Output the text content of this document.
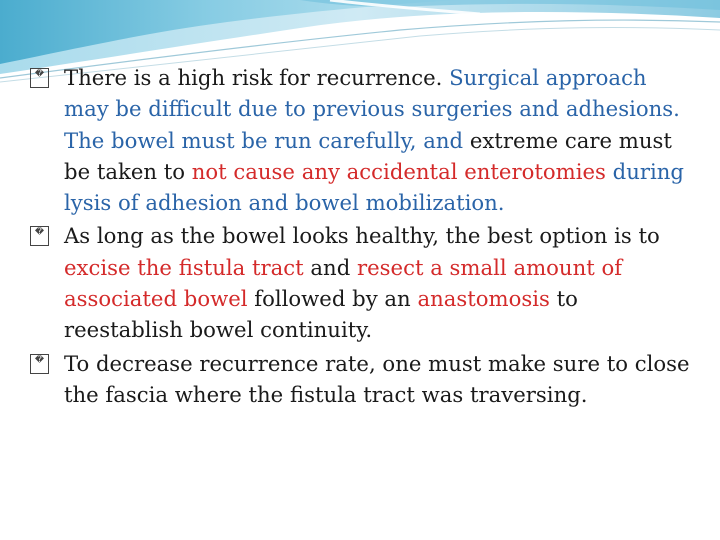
� There is a high risk for recurrence. Surgical approach may be difficult due to previous surgeries and adhesions. The bowel must be run carefully, and extreme care must be taken to not cause any accidental enterotomies during lysis of adhesion and bowel mobilization.
� As long as the bowel looks healthy, the best option is to excise the fistula tract and resect a small amount of associated bowel followed by an anastomosis to reestablish bowel continuity.
� To decrease recurrence rate, one must make sure to close the fascia where the fistula tract was traversing.
